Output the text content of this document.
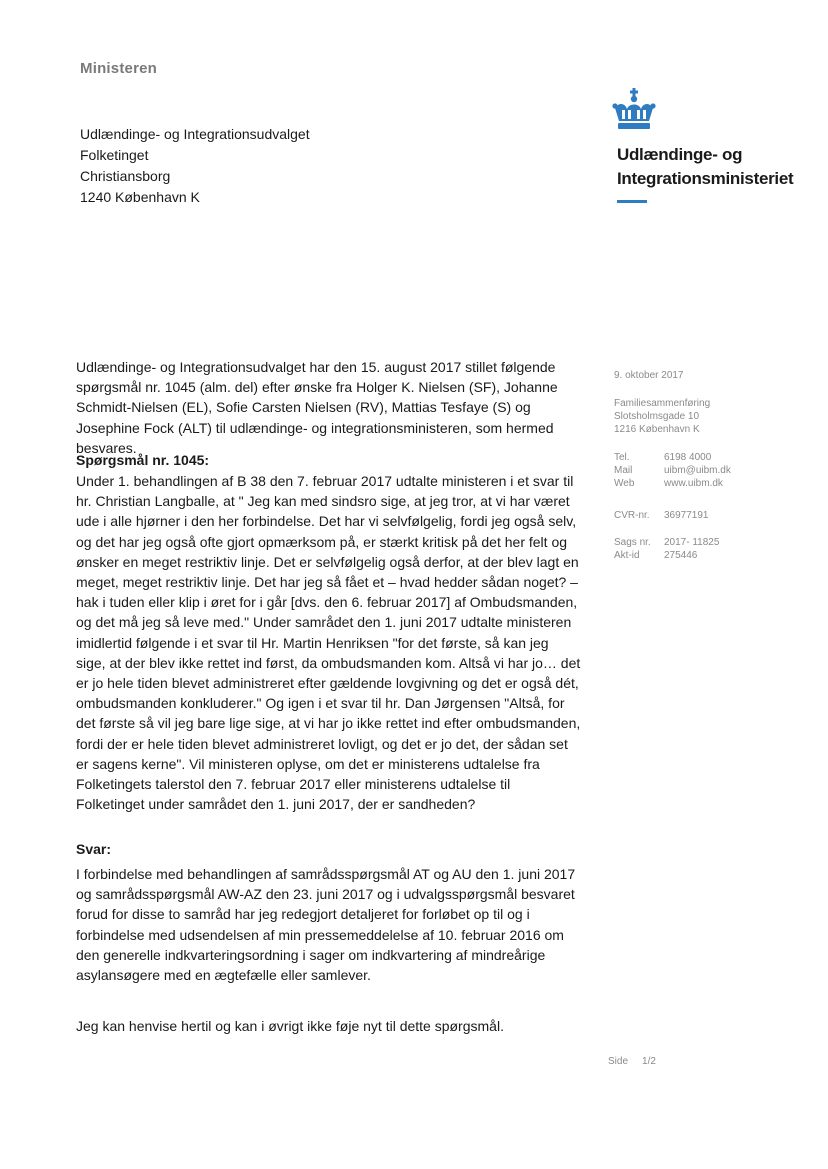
Ministeren
Udlændinge- og Integrationsudvalget
Folketinget
Christiansborg
1240 København K
Udlændinge- og
Integrationsministeriet

Udlændinge- og Integrationsudvalget har den 15. august 2017 stillet følgende spørgsmål nr. 1045 (alm. del) efter ønske fra Holger K. Nielsen (SF), Johanne Schmidt-Nielsen (EL), Sofie Carsten Nielsen (RV), Mattias Tesfaye (S) og Josephine Fock (ALT) til udlændinge- og integrationsministeren, som hermed besvares.

Spørgsmål nr. 1045:

Under 1. behandlingen af B 38 den 7. februar 2017 udtalte ministeren i et svar til hr. Christian Langballe, at " Jeg kan med sindsro sige, at jeg tror, at vi har været ude i alle hjørner i den her forbindelse. Det har vi selvfølgelig, fordi jeg også selv, og det har jeg også ofte gjort opmærksom på, er stærkt kritisk på det her felt og ønsker en meget restriktiv linje. Det er selvfølgelig også derfor, at der blev lagt en meget, meget restriktiv linje. Det har jeg så fået et – hvad hedder sådan noget? – hak i tuden eller klip i øret for i går [dvs. den 6. februar 2017] af Ombudsmanden, og det må jeg så leve med." Under samrådet den 1. juni 2017 udtalte ministeren imidlertid følgende i et svar til Hr. Martin Henriksen "for det første, så kan jeg sige, at der blev ikke rettet ind først, da ombudsmanden kom. Altså vi har jo… det er jo hele tiden blevet administreret efter gældende lovgivning og det er også dét, ombudsmanden konkluderer." Og igen i et svar til hr. Dan Jørgensen "Altså, for det første så vil jeg bare lige sige, at vi har jo ikke rettet ind efter ombudsmanden, fordi der er hele tiden blevet administreret lovligt, og det er jo det, der sådan set er sagens kerne". Vil ministeren oplyse, om det er ministerens udtalelse fra Folketingets talerstol den 7. februar 2017 eller ministerens udtalelse til Folketinget under samrådet den 1. juni 2017, der er sandheden?

Svar:

I forbindelse med behandlingen af samrådsspørgsmål AT og AU den 1. juni 2017 og samrådsspørgsmål AW-AZ den 23. juni 2017 og i udvalgsspørgsmål besvaret forud for disse to samråd har jeg redegjort detaljeret for forløbet op til og i forbindelse med udsendelsen af min pressemeddelelse af 10. februar 2016 om den generelle indkvarteringsordning i sager om indkvartering af mindreårige asylansøgere med en ægtefælle eller samlever.

Jeg kan henvise hertil og kan i øvrigt ikke føje nyt til dette spørgsmål.

9. oktober 2017
Familiesammenføring
Slotsholmsgade 10
1216 København K
Tel.	6198 4000
Mail	uibm@uibm.dk
Web	www.uibm.dk
CVR-nr.	36977191
Sags nr.	2017- 11825
Akt-id	275446
Side 1/2
